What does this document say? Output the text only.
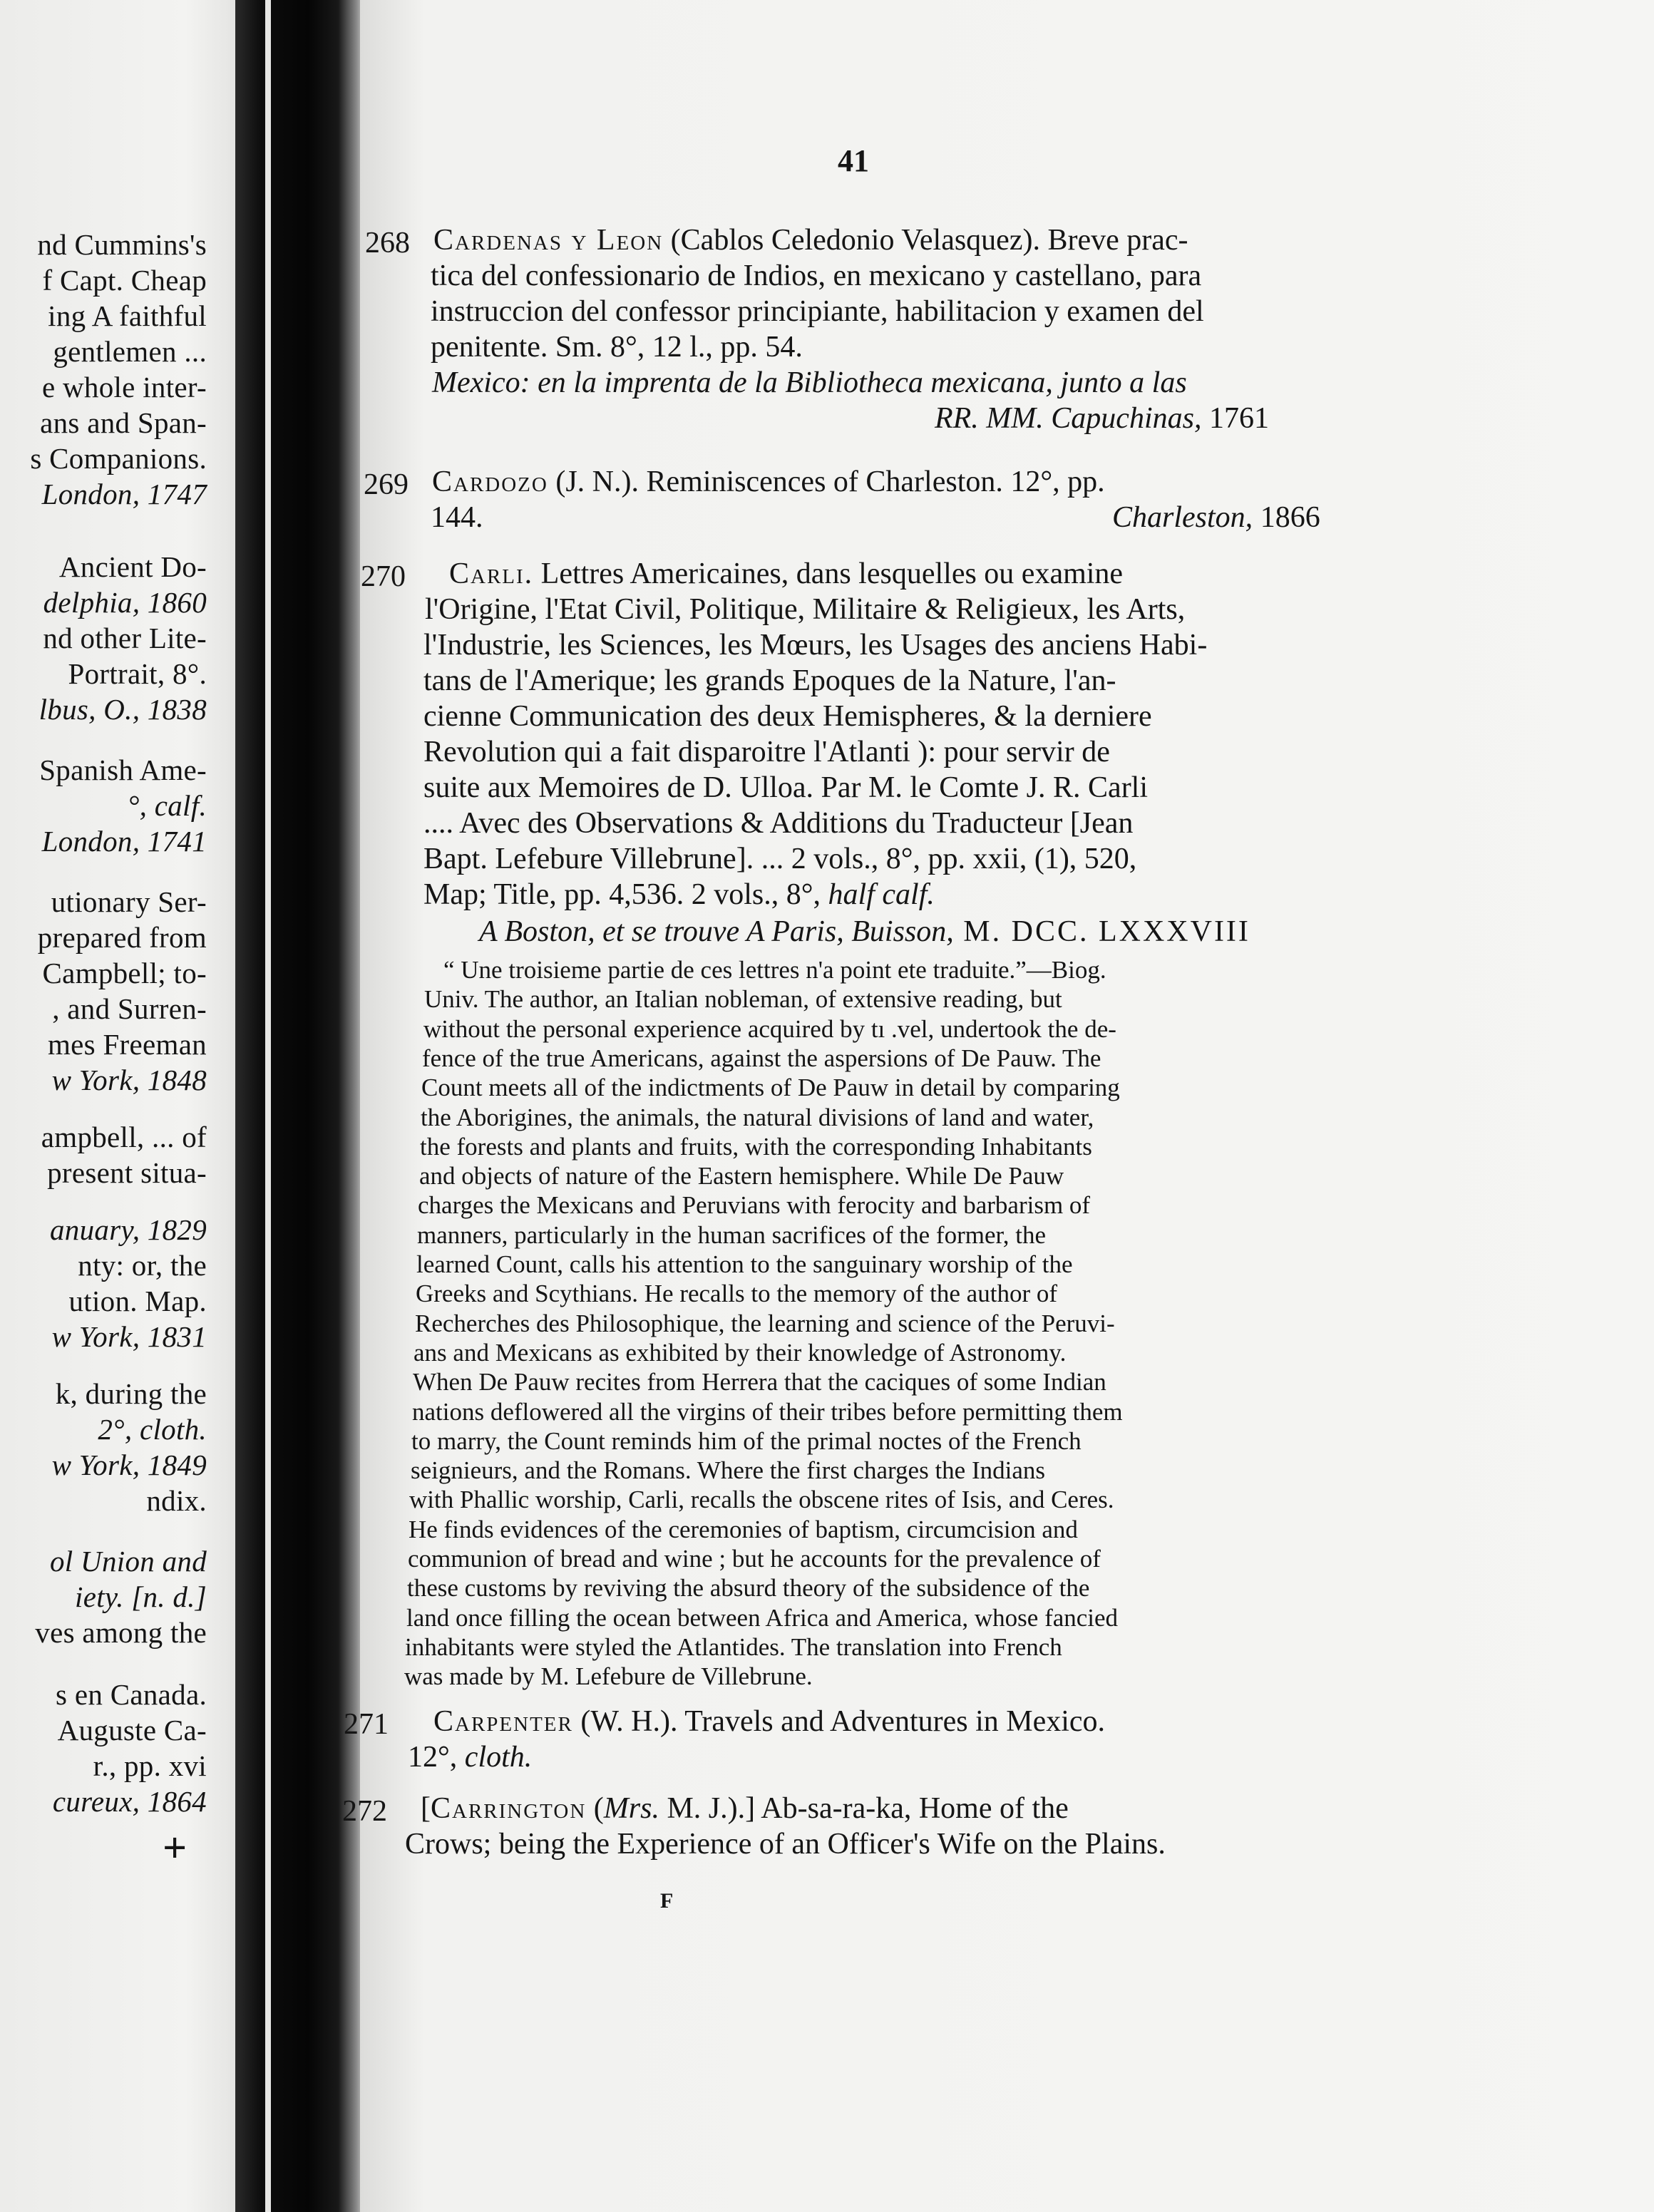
nd Cummins's
f Capt. Cheap
ing A faithful
gentlemen ...
e whole inter-
ans and Span-
s Companions.
London, 1747
Ancient Do-
delphia, 1860
nd other Lite-
Portrait, 8°.
lbus, O., 1838
Spanish Ame-
°, calf.
London, 1741
utionary Ser-
prepared from
Campbell; to-
, and Surren-
mes Freeman
w York, 1848
ampbell, ... of
present situa-
anuary, 1829
nty: or, the
ution. Map.
w York, 1831
k, during the
2°, cloth.
w York, 1849
ndix.
ol Union and
iety. [n. d.]
ves among the
s en Canada.
Auguste Ca-
r., pp. xvi
cureux, 1864
+
41
268 Cardenas y Leon (Cablos Celedonio Velasquez). Breve prac-
tica del confessionario de Indios, en mexicano y castellano, para
instruccion del confessor principiante, habilitacion y examen del
penitente. Sm. 8°, 12 l., pp. 54.
Mexico: en la imprenta de la Bibliotheca mexicana, junto a las
RR. MM. Capuchinas, 1761
269 Cardozo (J. N.). Reminiscences of Charleston. 12°, pp.
144.	Charleston, 1866
270 Carli. Lettres Americaines, dans lesquelles ou examine
l'Origine, l'Etat Civil, Politique, Militaire & Religieux, les Arts,
l'Industrie, les Sciences, les Mœurs, les Usages des anciens Habi-
tans de l'Amerique; les grands Epoques de la Nature, l'an-
cienne Communication des deux Hemispheres, & la derniere
Revolution qui a fait disparoitre l'Atlanti ): pour servir de
suite aux Memoires de D. Ulloa. Par M. le Comte J. R. Carli
.... Avec des Observations & Additions du Traducteur [Jean
Bapt. Lefebure Villebrune]. ... 2 vols., 8°, pp. xxii, (1), 520,
Map; Title, pp. 4,536. 2 vols., 8°, half calf.
A Boston, et se trouve A Paris, Buisson, M. DCC. LXXXVIII
“ Une troisieme partie de ces lettres n'a point ete traduite.”—Biog.
Univ. The author, an Italian nobleman, of extensive reading, but
without the personal experience acquired by tı .vel, undertook the de-
fence of the true Americans, against the aspersions of De Pauw. The
Count meets all of the indictments of De Pauw in detail by comparing
the Aborigines, the animals, the natural divisions of land and water,
the forests and plants and fruits, with the corresponding Inhabitants
and objects of nature of the Eastern hemisphere. While De Pauw
charges the Mexicans and Peruvians with ferocity and barbarism of
manners, particularly in the human sacrifices of the former, the
learned Count, calls his attention to the sanguinary worship of the
Greeks and Scythians. He recalls to the memory of the author of
Recherches des Philosophique, the learning and science of the Peruvi-
ans and Mexicans as exhibited by their knowledge of Astronomy.
When De Pauw recites from Herrera that the caciques of some Indian
nations deflowered all the virgins of their tribes before permitting them
to marry, the Count reminds him of the primal noctes of the French
seignieurs, and the Romans. Where the first charges the Indians
with Phallic worship, Carli, recalls the obscene rites of Isis, and Ceres.
He finds evidences of the ceremonies of baptism, circumcision and
communion of bread and wine ; but he accounts for the prevalence of
these customs by reviving the absurd theory of the subsidence of the
land once filling the ocean between Africa and America, whose fancied
inhabitants were styled the Atlantides. The translation into French
was made by M. Lefebure de Villebrune.
271 Carpenter (W. H.). Travels and Adventures in Mexico.
12°, cloth.
272 [Carrington (Mrs. M. J.).] Ab-sa-ra-ka, Home of the
Crows; being the Experience of an Officer's Wife on the Plains.
F
